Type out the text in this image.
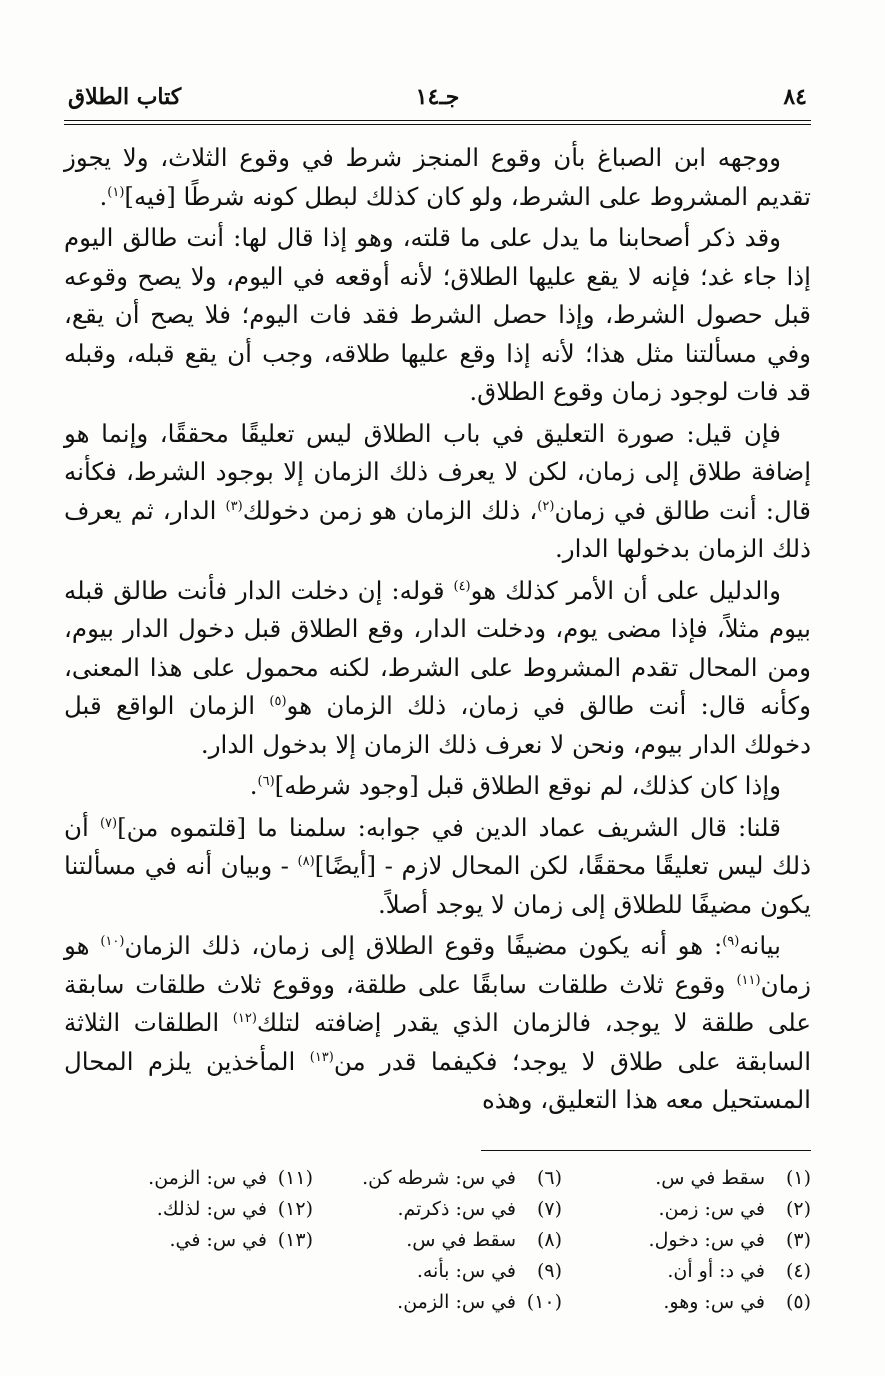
٨٤
جـ١٤
كتاب الطلاق

ووجهه ابن الصباغ بأن وقوع المنجز شرط في وقوع الثلاث، ولا يجوز تقديم المشروط على الشرط، ولو كان كذلك لبطل كونه شرطًا [فيه]$^{(١)}$.

وقد ذكر أصحابنا ما يدل على ما قلته، وهو إذا قال لها: أنت طالق اليوم إذا جاء غد؛ فإنه لا يقع عليها الطلاق؛ لأنه أوقعه في اليوم، ولا يصح وقوعه قبل حصول الشرط، وإذا حصل الشرط فقد فات اليوم؛ فلا يصح أن يقع، وفي مسألتنا مثل هذا؛ لأنه إذا وقع عليها طلاقه، وجب أن يقع قبله، وقبله قد فات لوجود زمان وقوع الطلاق.

فإن قيل: صورة التعليق في باب الطلاق ليس تعليقًا محققًا، وإنما هو إضافة طلاق إلى زمان، لكن لا يعرف ذلك الزمان إلا بوجود الشرط، فكأنه قال: أنت طالق في زمان$^{(٢)}$، ذلك الزمان هو زمن دخولك$^{(٣)}$ الدار، ثم يعرف ذلك الزمان بدخولها الدار.

والدليل على أن الأمر كذلك هو$^{(٤)}$ قوله: إن دخلت الدار فأنت طالق قبله بيوم مثلاً، فإذا مضى يوم، ودخلت الدار، وقع الطلاق قبل دخول الدار بيوم، ومن المحال تقدم المشروط على الشرط، لكنه محمول على هذا المعنى، وكأنه قال: أنت طالق في زمان، ذلك الزمان هو$^{(٥)}$ الزمان الواقع قبل دخولك الدار بيوم، ونحن لا نعرف ذلك الزمان إلا بدخول الدار.

وإذا كان كذلك، لم نوقع الطلاق قبل [وجود شرطه]$^{(٦)}$.

قلنا: قال الشريف عماد الدين في جوابه: سلمنا ما [قلتموه من]$^{(٧)}$ أن ذلك ليس تعليقًا محققًا، لكن المحال لازم - [أيضًا]$^{(٨)}$ - وبيان أنه في مسألتنا يكون مضيفًا للطلاق إلى زمان لا يوجد أصلاً.

بيانه$^{(٩)}$: هو أنه يكون مضيفًا وقوع الطلاق إلى زمان، ذلك الزمان$^{(١٠)}$ هو زمان$^{(١١)}$ وقوع ثلاث طلقات سابقًا على طلقة، ووقوع ثلاث طلقات سابقة على طلقة لا يوجد، فالزمان الذي يقدر إضافته لتلك$^{(١٢)}$ الطلقات الثلاثة السابقة على طلاق لا يوجد؛ فكيفما قدر من$^{(١٣)}$ المأخذين يلزم المحال المستحيل معه هذا التعليق، وهذه

(١)سقط في س.
(٢)في س: زمن.
(٣)في س: دخول.
(٤)في د: أو أن.
(٥)في س: وهو.
(٦)في س: شرطه كن.
(٧)في س: ذكرتم.
(٨)سقط في س.
(٩)في س: بأنه.
(١٠)في س: الزمن.
(١١)في س: الزمن.
(١٢)في س: لذلك.
(١٣)في س: في.
